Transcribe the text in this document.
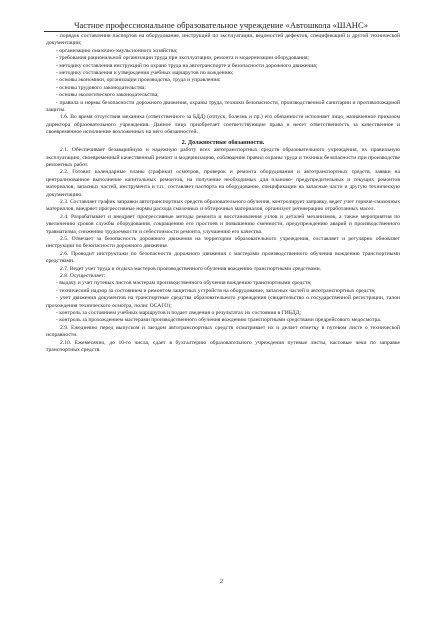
Частное профессиональное образовательное учреждение «Автошкола «ШАНС»

- порядок составления паспортов на оборудование, инструкций по эксплуатации, ведомостей дефектов, спецификаций и другой технической документации;

- организацию смазочно-эмульсионного хозяйства;

- требования рациональной организации труда при эксплуатации, ремонта и модернизации оборудования;

- методику составления инструкций по охране труда на автотранспорте и безопасности дорожного движения;

- методику составления и утверждения учебных маршрутов по вождению;

- основы экономики, организации производства, труда и управления;

- основы трудового законодательства;

- основы экологического законодательства;

- правила и нормы безопасности дорожного движения, охраны труда, техники безопасности, производственной санитарии и противопожарной защиты.

1.6. Во время отсутствия механика (ответственного за БДД) (отпуск, болезнь и пр.) его обязанности исполняет лицо, назначенное приказом директора образовательного учреждения. Данное лицо приобретает соответствующие права и несет ответственность за качественное и своевременное исполнение возложенных на него обязанностей.

2. Должностные обязанности.

2.1. Обеспечивает безаварийную и надежную работу всех автотранспортных средств образовательного учреждения, их правильную эксплуатацию, своевременный качественный ремонт и модернизацию, соблюдение правил охраны труда и техники безопасности при производстве ремонтных работ.

2.2. Готовит календарные планы (графики) осмотров, проверок и ремонта оборудования и автотранспортных средств, заявки на централизованное выполнение капитальных ремонтов, на получение необходимых для планово- предупредительных и текущих ремонтов материалов, запасных частей, инструмента и т.п., составляет паспорта на оборудование, спецификации на запасные части и другую техническую документацию.

2.3. Составляет график заправки автотранспортных средств образовательного обучения, контролирует заправку, ведет учет горюче-смазочных материалов, внедряет прогрессивные нормы расхода смазочных и обтирочных материалов, организует регенерацию отработанных масел.

2.4. Разрабатывает и внедряет прогрессивные методы ремонта и восстановления узлов и деталей механизмов, а также мероприятия по увеличению сроков службы оборудования, сокращению его простоев и повышению сменности, предупреждению аварий и производственного травматизма, снижению трудоемкости и себестоимости ремонта, улучшению его качества.

2.5. Отвечает за безопасность дорожного движения на территории образовательного учреждения, составляет и регулярно обновляет инструкции по безопасности дорожного движения.

2.6. Проводит инструктажи по безопасности дорожного движения с мастерами производственного обучения вождению транспортными средствами.

2.7. Ведет учет труда и отдыха мастеров производственного обучения вождению транспортными средствами.

2.8. Осуществляет:

- выдачу и учет путевых листов мастерам производственного обучения вождению транспортными средств;

- технический надзор за состоянием и ремонтом защитных устройств на оборудование, запасных частей и автотранспортных средств;

- учет движения документов на транспортные средства образовательного учреждения (свидетельство о государственной регистрации, талон прохождения технического осмотра, полис ОСАГО);

- контроль за состоянием учебных маршрутов и подает сведения о результатах их состояния в ГИБДД;

- контроль за прохождением мастерами производственного обучения вождению транспортными средствами предрейсового медосмотра.

2.9. Ежедневно перед выпуском и заездом автотранспортных средств осматривает их и делает отметку в путевом листе о технической исправности.

2.10. Ежемесячно, до 10-го числа, сдает в бухгалтерию образовательного учреждения путевые листы, кассовые чеки по заправке транспортных средств.

2
